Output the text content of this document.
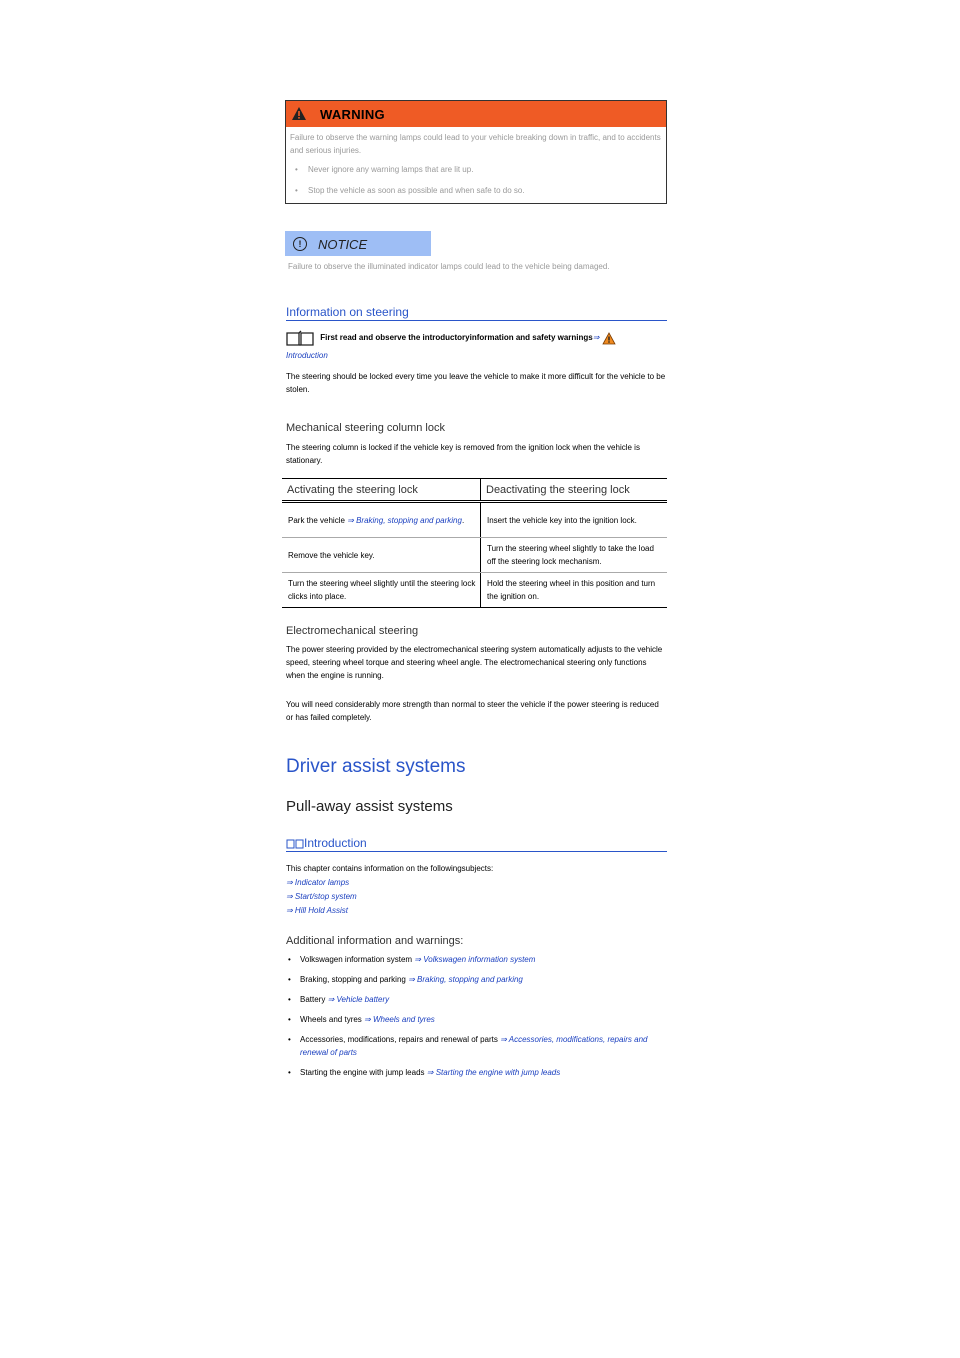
WARNING

Failure to observe the warning lamps could lead to your vehicle breaking down in traffic, and to accidents and serious injuries.

• Never ignore any warning lamps that are lit up.
• Stop the vehicle as soon as possible and when safe to do so.
!	NOTICE
Failure to observe the illuminated indicator lamps could lead to the vehicle being damaged.
Information on steering
First read and observe the introductoryinformation and safety warnings⇒
Introduction
The steering should be locked every time you leave the vehicle to make it more difficult for the vehicle to be stolen.
Mechanical steering column lock
The steering column is locked if the vehicle key is removed from the ignition lock when the vehicle is stationary.
Activating the steering lock	Deactivating the steering lock
Park the vehicle ⇒ Braking, stopping and parking.	Insert the vehicle key into the ignition lock.
Remove the vehicle key.	Turn the steering wheel slightly to take the load off the steering lock mechanism.
Turn the steering wheel slightly until the steering lock clicks into place.	Hold the steering wheel in this position and turn the ignition on.
Electromechanical steering
The power steering provided by the electromechanical steering system automatically adjusts to the vehicle speed, steering wheel torque and steering wheel angle. The electromechanical steering only functions when the engine is running.
You will need considerably more strength than normal to steer the vehicle if the power steering is reduced or has failed completely.
Driver assist systems
Pull-away assist systems
Introduction
This chapter contains information on the followingsubjects:
⇒ Indicator lamps
⇒ Start/stop system
⇒ Hill Hold Assist
Additional information and warnings:
• Volkswagen information system ⇒ Volkswagen information system
• Braking, stopping and parking ⇒ Braking, stopping and parking
• Battery ⇒ Vehicle battery
• Wheels and tyres ⇒ Wheels and tyres
• Accessories, modifications, repairs and renewal of parts ⇒ Accessories, modifications, repairs and renewal of parts
• Starting the engine with jump leads ⇒ Starting the engine with jump leads
